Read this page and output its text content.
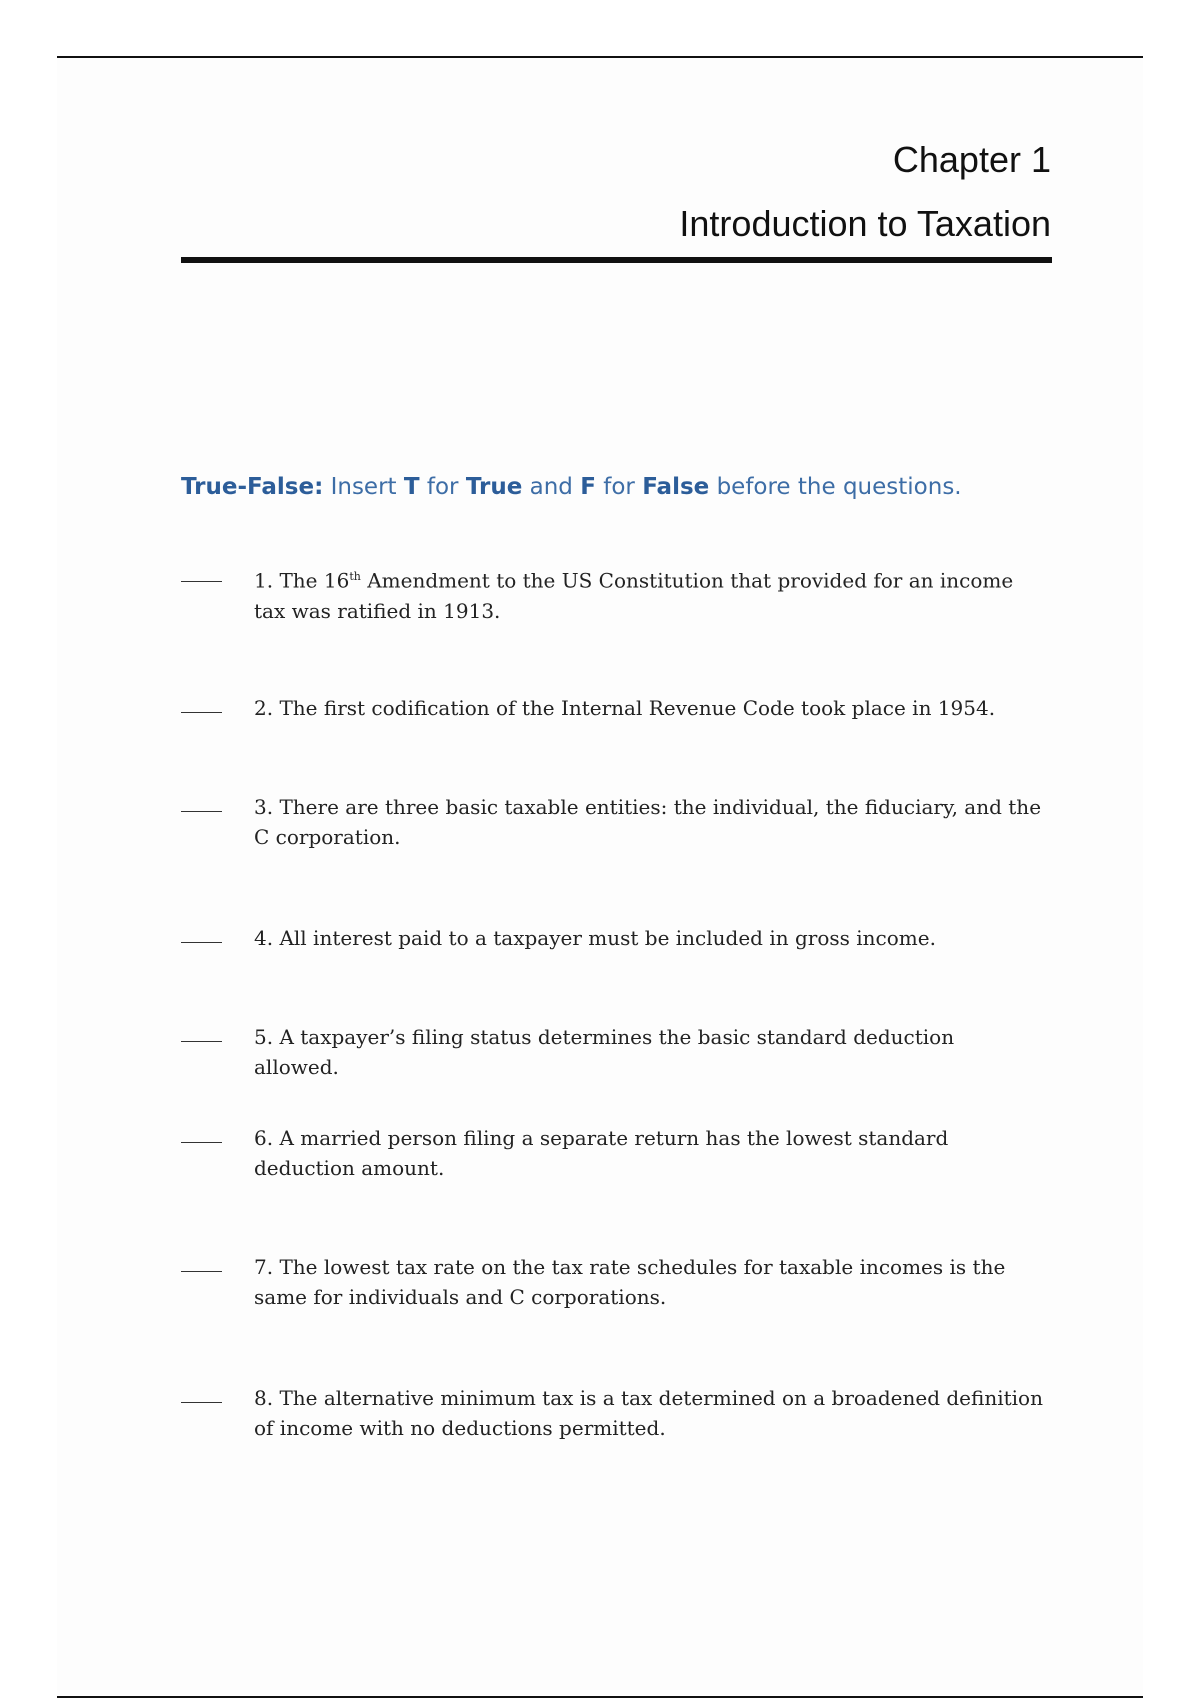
Chapter 1
Introduction to Taxation
True-False: Insert T for True and F for False before the questions.
1. The 16th Amendment to the US Constitution that provided for an income tax was ratified in 1913.
2. The first codification of the Internal Revenue Code took place in 1954.
3. There are three basic taxable entities: the individual, the fiduciary, and the C corporation.
4. All interest paid to a taxpayer must be included in gross income.
5. A taxpayer’s filing status determines the basic standard deduction allowed.
6. A married person filing a separate return has the lowest standard deduction amount.
7. The lowest tax rate on the tax rate schedules for taxable incomes is the same for individuals and C corporations.
8. The alternative minimum tax is a tax determined on a broadened definition of income with no deductions permitted.
